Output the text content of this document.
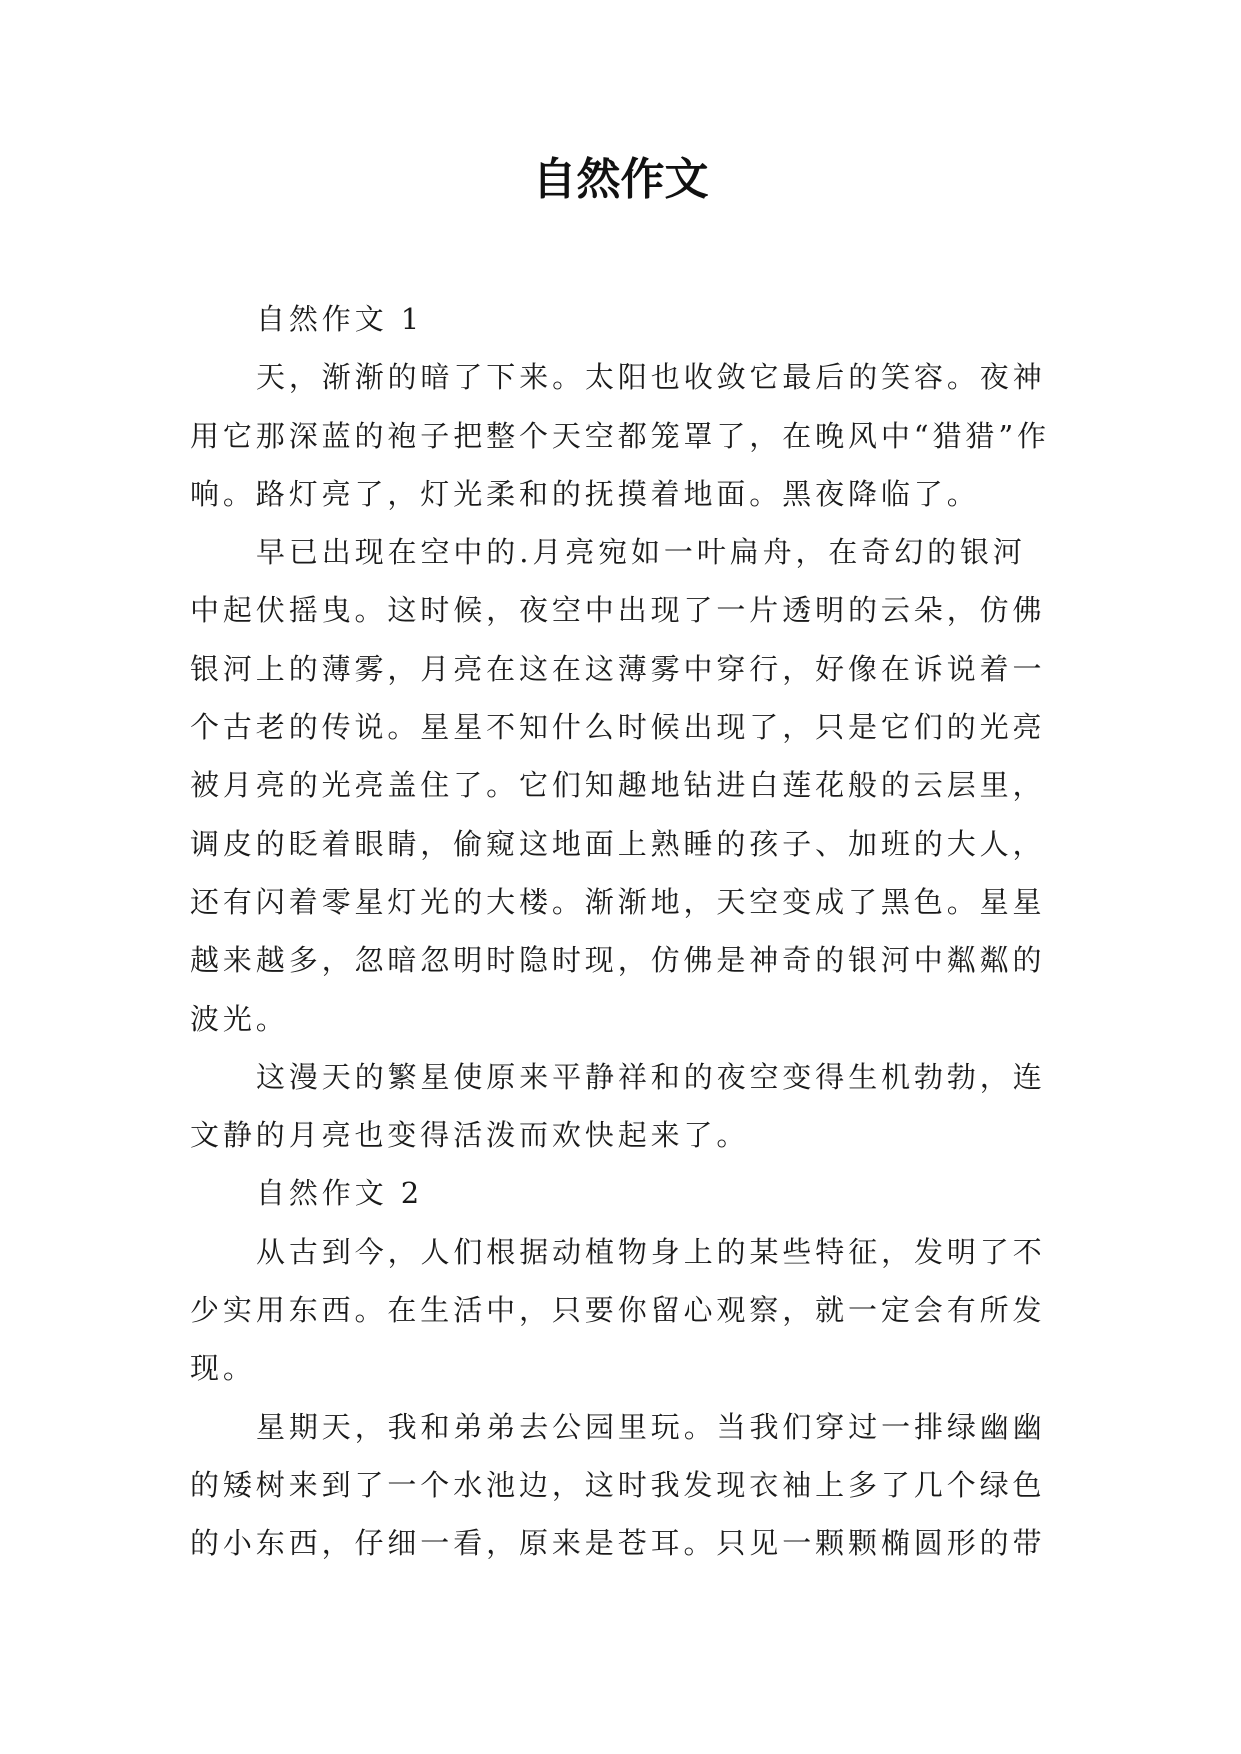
自然作文

自然作文 1

天，渐渐的暗了下来。太阳也收敛它最后的笑容。夜神用它那深蓝的袍子把整个天空都笼罩了，在晚风中“猎猎”作响。路灯亮了，灯光柔和的抚摸着地面。黑夜降临了。

早已出现在空中的.月亮宛如一叶扁舟，在奇幻的银河中起伏摇曳。这时候，夜空中出现了一片透明的云朵，仿佛银河上的薄雾，月亮在这在这薄雾中穿行，好像在诉说着一个古老的传说。星星不知什么时候出现了，只是它们的光亮被月亮的光亮盖住了。它们知趣地钻进白莲花般的云层里，调皮的眨着眼睛，偷窥这地面上熟睡的孩子、加班的大人，还有闪着零星灯光的大楼。渐渐地，天空变成了黑色。星星越来越多，忽暗忽明时隐时现，仿佛是神奇的银河中粼粼的波光。

这漫天的繁星使原来平静祥和的夜空变得生机勃勃，连文静的月亮也变得活泼而欢快起来了。

自然作文 2

从古到今，人们根据动植物身上的某些特征，发明了不少实用东西。在生活中，只要你留心观察，就一定会有所发现。

星期天，我和弟弟去公园里玩。当我们穿过一排绿幽幽的矮树来到了一个水池边，这时我发现衣袖上多了几个绿色的小东西，仔细一看，原来是苍耳。只见一颗颗椭圆形的带
